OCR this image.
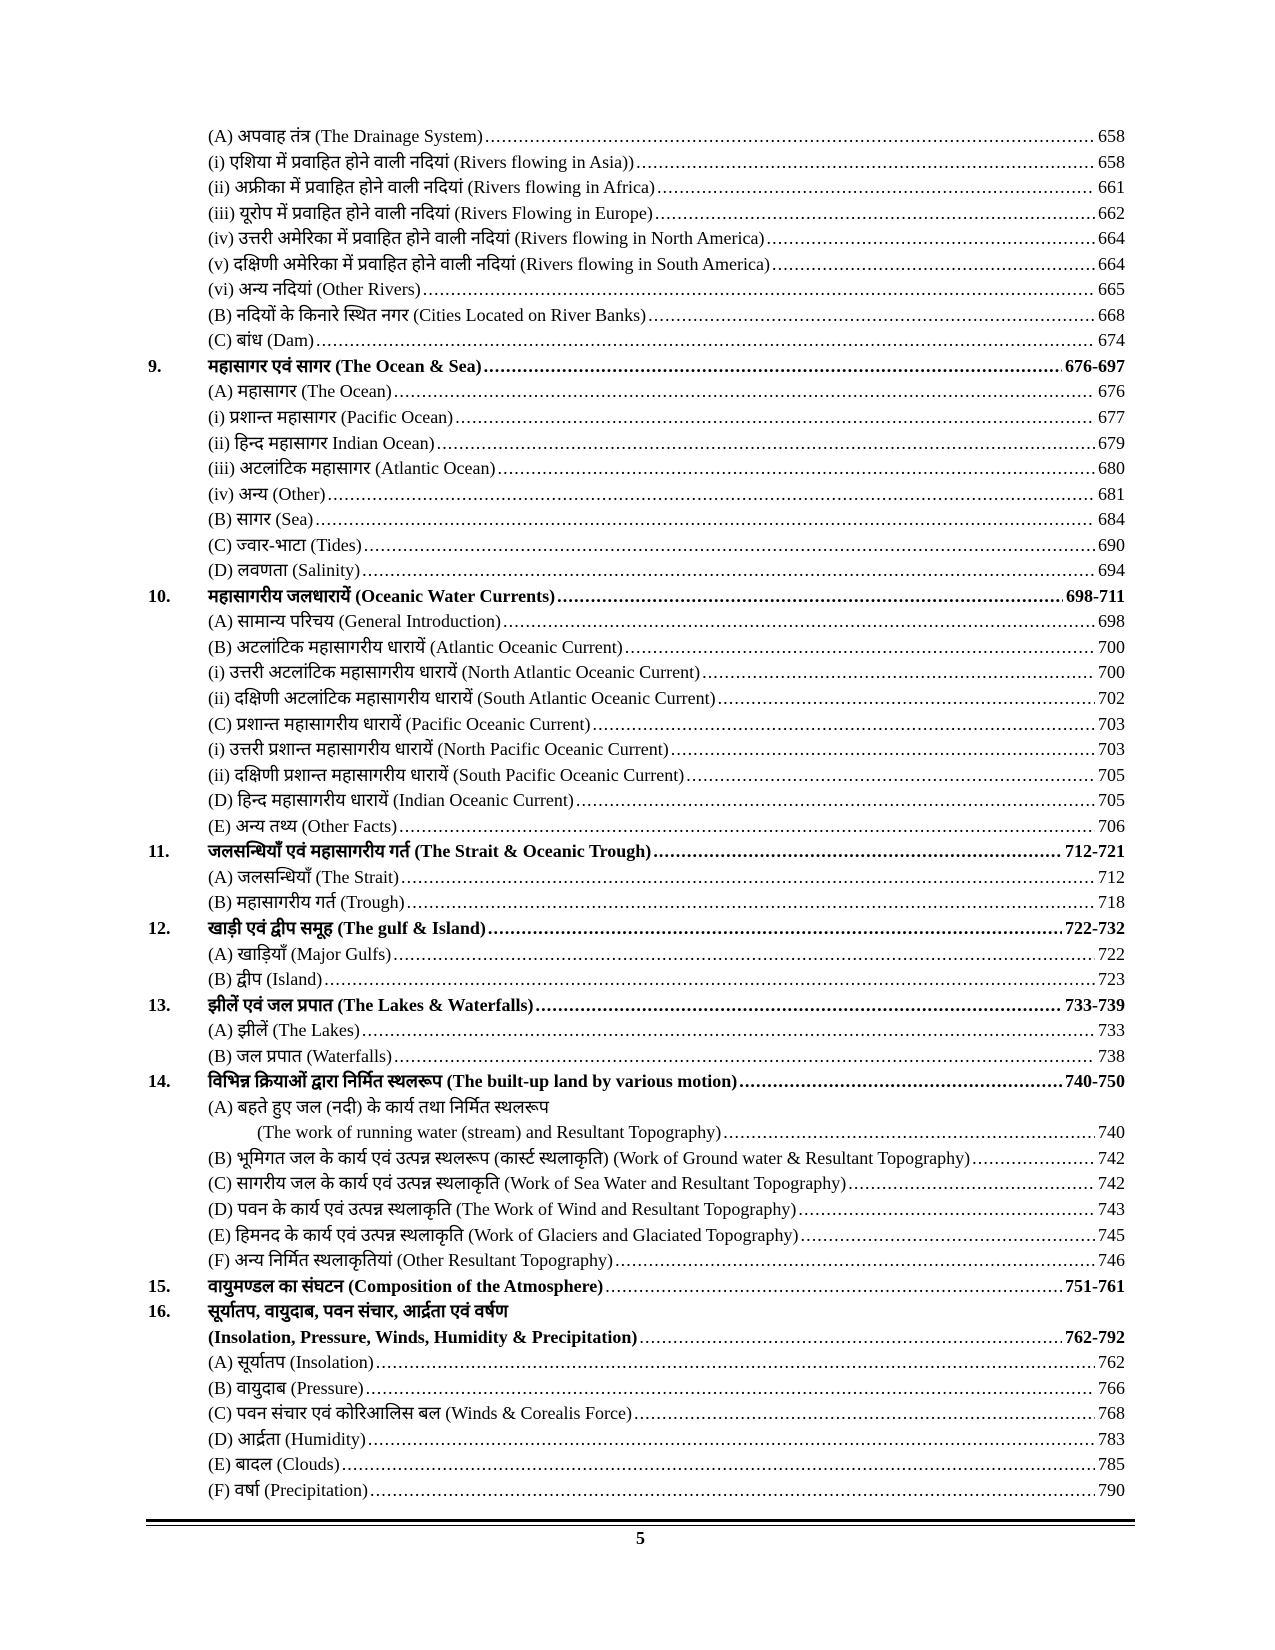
(A) अपवाह तंत्र (The Drainage System) .....	658
(i) एशिया में प्रवाहित होने वाली नदियां (Rivers flowing in Asia)) .....	658
(ii) अफ्रीका में प्रवाहित होने वाली नदियां (Rivers flowing in Africa) .....	661
(iii) यूरोप में प्रवाहित होने वाली नदियां (Rivers Flowing in Europe) .....	662
(iv) उत्तरी अमेरिका में प्रवाहित होने वाली नदियां (Rivers flowing in North America) .....	664
(v) दक्षिणी अमेरिका में प्रवाहित होने वाली नदियां (Rivers flowing in South America) .....	664
(vi) अन्य नदियां (Other Rivers) .....	665
(B) नदियों के किनारे स्थित नगर (Cities Located on River Banks) .....	668
(C) बांध (Dam) .....	674
9.	महासागर एवं सागर (The Ocean & Sea) .....	676-697
(A) महासागर (The Ocean) .....	676
(i) प्रशान्त महासागर (Pacific Ocean) .....	677
(ii) हिन्द महासागर Indian Ocean) .....	679
(iii) अटलांटिक महासागर (Atlantic Ocean) .....	680
(iv) अन्य (Other) .....	681
(B) सागर (Sea) .....	684
(C) ज्वार-भाटा (Tides) .....	690
(D) लवणता (Salinity) .....	694
10.	महासागरीय जलधारायें (Oceanic Water Currents) .....	698-711
(A) सामान्य परिचय (General Introduction) .....	698
(B) अटलांटिक महासागरीय धारायें (Atlantic Oceanic Current) .....	700
(i) उत्तरी अटलांटिक महासागरीय धारायें (North Atlantic Oceanic Current) .....	700
(ii) दक्षिणी अटलांटिक महासागरीय धारायें (South Atlantic Oceanic Current) .....	702
(C) प्रशान्त महासागरीय धारायें (Pacific Oceanic Current) .....	703
(i) उत्तरी प्रशान्त महासागरीय धारायें (North Pacific Oceanic Current) .....	703
(ii) दक्षिणी प्रशान्त महासागरीय धारायें (South Pacific Oceanic Current) .....	705
(D) हिन्द महासागरीय धारायें (Indian Oceanic Current) .....	705
(E) अन्य तथ्य (Other Facts) .....	706
11.	जलसन्धियाँ एवं महासागरीय गर्त (The Strait & Oceanic Trough) .....	712-721
(A) जलसन्धियाँ (The Strait) .....	712
(B) महासागरीय गर्त (Trough) .....	718
12.	खाड़ी एवं द्वीप समूह (The gulf & Island) .....	722-732
(A) खाड़ियाँ (Major Gulfs) .....	722
(B) द्वीप (Island) .....	723
13.	झीलें एवं जल प्रपात (The Lakes & Waterfalls) .....	733-739
(A) झीलें (The Lakes) .....	733
(B) जल प्रपात (Waterfalls) .....	738
14.	विभिन्न क्रियाओं द्वारा निर्मित स्थलरूप (The built-up land by various motion) .....	740-750
(A) बहते हुए जल (नदी) के कार्य तथा निर्मित स्थलरूप
(The work of running water (stream) and Resultant Topography) .....	740
(B) भूमिगत जल के कार्य एवं उत्पन्न स्थलरूप (कार्स्ट स्थलाकृति) (Work of Ground water & Resultant Topography) .....	742
(C) सागरीय जल के कार्य एवं उत्पन्न स्थलाकृति (Work of Sea Water and Resultant Topography) .....	742
(D) पवन के कार्य एवं उत्पन्न स्थलाकृति (The Work of Wind and Resultant Topography) .....	743
(E) हिमनद के कार्य एवं उत्पन्न स्थलाकृति (Work of Glaciers and Glaciated Topography) .....	745
(F) अन्य निर्मित स्थलाकृतियां (Other Resultant Topography) .....	746
15.	वायुमण्डल का संघटन (Composition of the Atmosphere) .....	751-761
16.	सूर्यातप, वायुदाब, पवन संचार, आर्द्रता एवं वर्षण
(Insolation, Pressure, Winds, Humidity & Precipitation) .....	762-792
(A) सूर्यातप (Insolation) .....	762
(B) वायुदाब (Pressure) .....	766
(C) पवन संचार एवं कोरिआलिस बल (Winds & Corealis Force) .....	768
(D) आर्द्रता (Humidity) .....	783
(E) बादल (Clouds) .....	785
(F) वर्षा (Precipitation) .....	790
5
